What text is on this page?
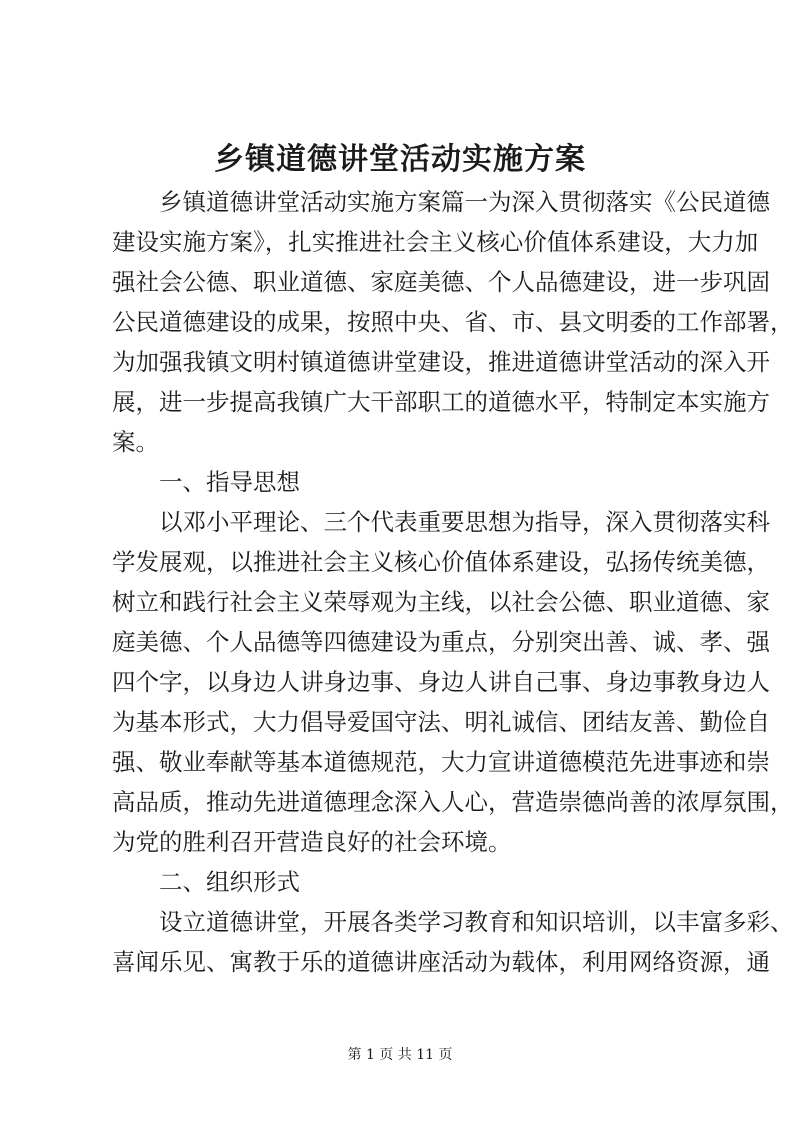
乡镇道德讲堂活动实施方案
　　乡镇道德讲堂活动实施方案篇一为深入贯彻落实《公民道德
建设实施方案》，扎实推进社会主义核心价值体系建设，大力加
强社会公德、职业道德、家庭美德、个人品德建设，进一步巩固
公民道德建设的成果，按照中央、省、市、县文明委的工作部署，
为加强我镇文明村镇道德讲堂建设，推进道德讲堂活动的深入开
展，进一步提高我镇广大干部职工的道德水平，特制定本实施方
案。
　　一、指导思想
　　以邓小平理论、三个代表重要思想为指导，深入贯彻落实科
学发展观，以推进社会主义核心价值体系建设，弘扬传统美德，
树立和践行社会主义荣辱观为主线，以社会公德、职业道德、家
庭美德、个人品德等四德建设为重点，分别突出善、诚、孝、强
四个字，以身边人讲身边事、身边人讲自己事、身边事教身边人
为基本形式，大力倡导爱国守法、明礼诚信、团结友善、勤俭自
强、敬业奉献等基本道德规范，大力宣讲道德模范先进事迹和崇
高品质，推动先进道德理念深入人心，营造崇德尚善的浓厚氛围，
为党的胜利召开营造良好的社会环境。
　　二、组织形式
　　设立道德讲堂，开展各类学习教育和知识培训，以丰富多彩、
喜闻乐见、寓教于乐的道德讲座活动为载体，利用网络资源，通
第 1 页 共 11 页
